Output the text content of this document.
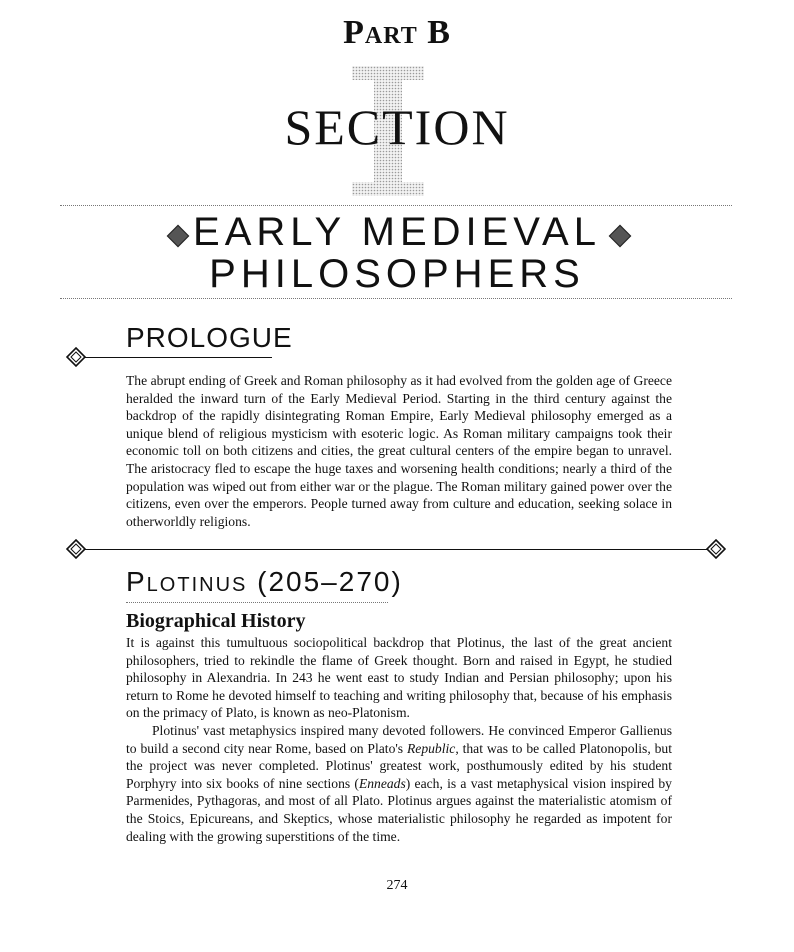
Part B
SECTION
EARLY MEDIEVAL
PHILOSOPHERS
PROLOGUE

The abrupt ending of Greek and Roman philosophy as it had evolved from the golden age of Greece heralded the inward turn of the Early Medieval Period. Starting in the third century against the backdrop of the rapidly disintegrating Roman Empire, Early Medieval philosophy emerged as a unique blend of religious mysticism with esoteric logic. As Roman military campaigns took their economic toll on both citizens and cities, the great cultural centers of the empire began to unravel. The aristocracy fled to escape the huge taxes and worsening health conditions; nearly a third of the population was wiped out from either war or the plague. The Roman military gained power over the citizens, even over the emperors. People turned away from culture and education, seeking solace in otherworldly religions.

Plotinus (205–270)
Biographical History

It is against this tumultuous sociopolitical backdrop that Plotinus, the last of the great ancient philosophers, tried to rekindle the flame of Greek thought. Born and raised in Egypt, he studied philosophy in Alexandria. In 243 he went east to study Indian and Persian philosophy; upon his return to Rome he devoted himself to teaching and writing philosophy that, because of his emphasis on the primacy of Plato, is known as neo-Platonism.

Plotinus' vast metaphysics inspired many devoted followers. He convinced Emperor Gallienus to build a second city near Rome, based on Plato's Republic, that was to be called Platonopolis, but the project was never completed. Plotinus' greatest work, posthumously edited by his student Porphyry into six books of nine sections (Enneads) each, is a vast metaphysical vision inspired by Parmenides, Pythagoras, and most of all Plato. Plotinus argues against the materialistic atomism of the Stoics, Epicureans, and Skeptics, whose materialistic philosophy he regarded as impotent for dealing with the growing superstitions of the time.

274
